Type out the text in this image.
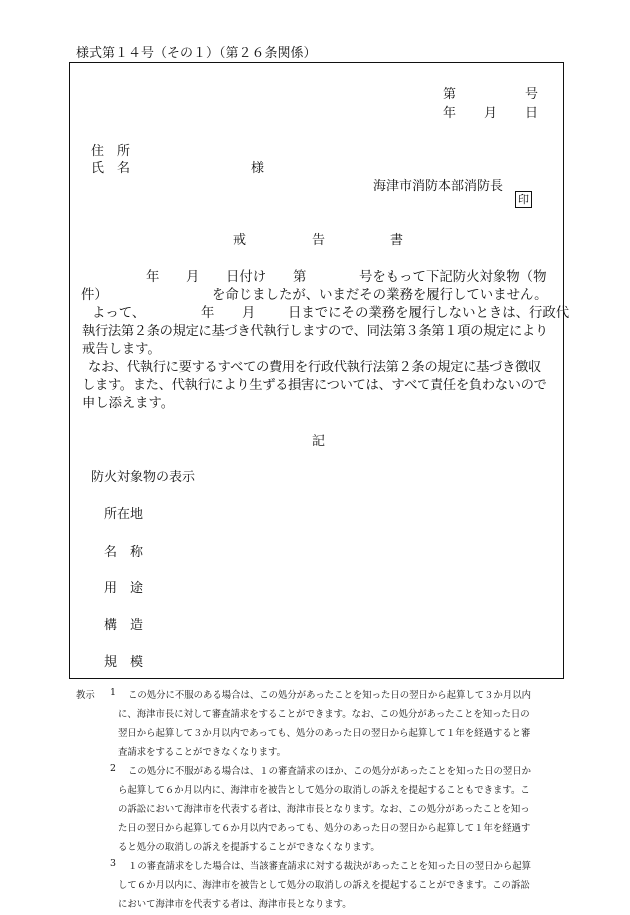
様式第１４号（その１）（第２６条関係）
第	号
年 月 日
住　所
氏　名	様
海津市消防本部消防長
印
戒	告	書
年 月 日付け 第	号をもって下記防火対象物（物
件）	を命じましたが、いまだその業務を履行していません。
よって、	年 月 日までにその業務を履行しないときは、行政代
執行法第２条の規定に基づき代執行しますので、同法第３条第１項の規定により
戒告します。
なお、代執行に要するすべての費用を行政代執行法第２条の規定に基づき徴収
します。また、代執行により生ずる損害については、すべて責任を負わないので
申し添えます。
記
防火対象物の表示
所在地
名　称
用　途
構　造
規　模
教示 1 この処分に不服のある場合は、この処分があったことを知った日の翌日から起算して３か月以内
に、海津市長に対して審査請求をすることができます。なお、この処分があったことを知った日の
翌日から起算して３か月以内であっても、処分のあった日の翌日から起算して１年を経過すると審
査請求をすることができなくなります。
2 この処分に不服がある場合は、１の審査請求のほか、この処分があったことを知った日の翌日か
ら起算して６か月以内に、海津市を被告として処分の取消しの訴えを提起することもできます。こ
の訴訟において海津市を代表する者は、海津市長となります。なお、この処分があったことを知っ
た日の翌日から起算して６か月以内であっても、処分のあった日の翌日から起算して１年を経過す
ると処分の取消しの訴えを提訴することができなくなります。
3 １の審査請求をした場合は、当該審査請求に対する裁決があったことを知った日の翌日から起算
して６か月以内に、海津市を被告として処分の取消しの訴えを提起することができます。この訴訟
において海津市を代表する者は、海津市長となります。
